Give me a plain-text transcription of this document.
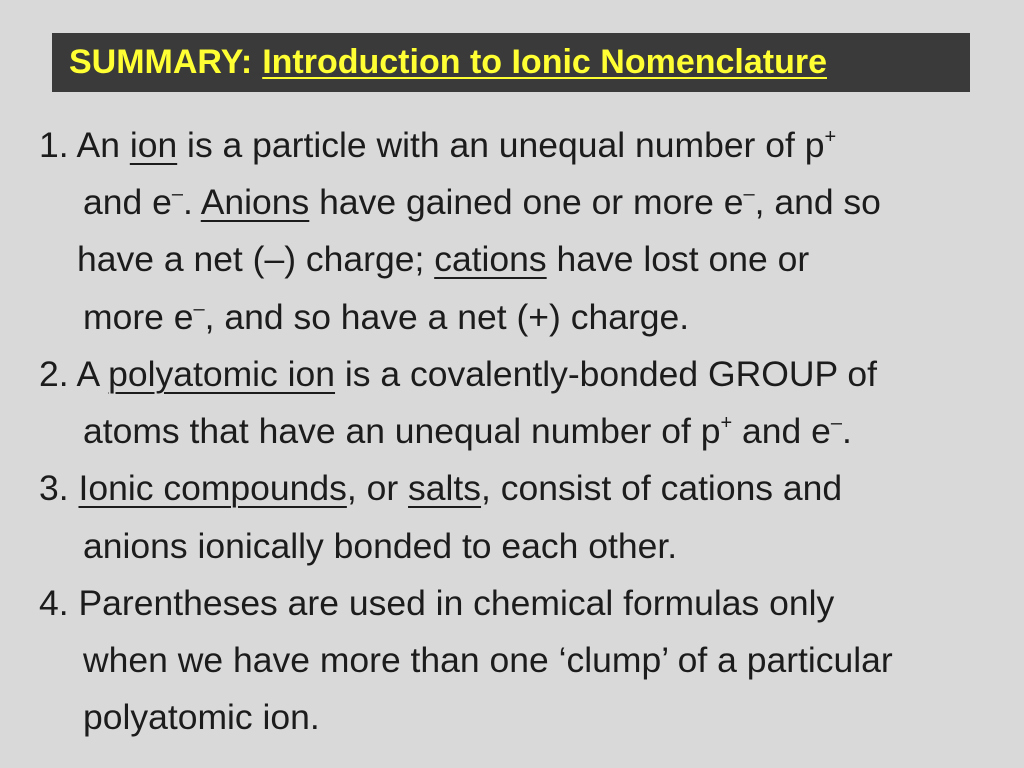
SUMMARY: Introduction to Ionic Nomenclature
1. An ion is a particle with an unequal number of p+
and e–. Anions have gained one or more e–, and so
have a net (–) charge; cations have lost one or
more e–, and so have a net (+) charge.
2. A polyatomic ion is a covalently-bonded GROUP of
atoms that have an unequal number of p+ and e–.
3. Ionic compounds, or salts, consist of cations and
anions ionically bonded to each other.
4. Parentheses are used in chemical formulas only
when we have more than one ‘clump’ of a particular
polyatomic ion.
